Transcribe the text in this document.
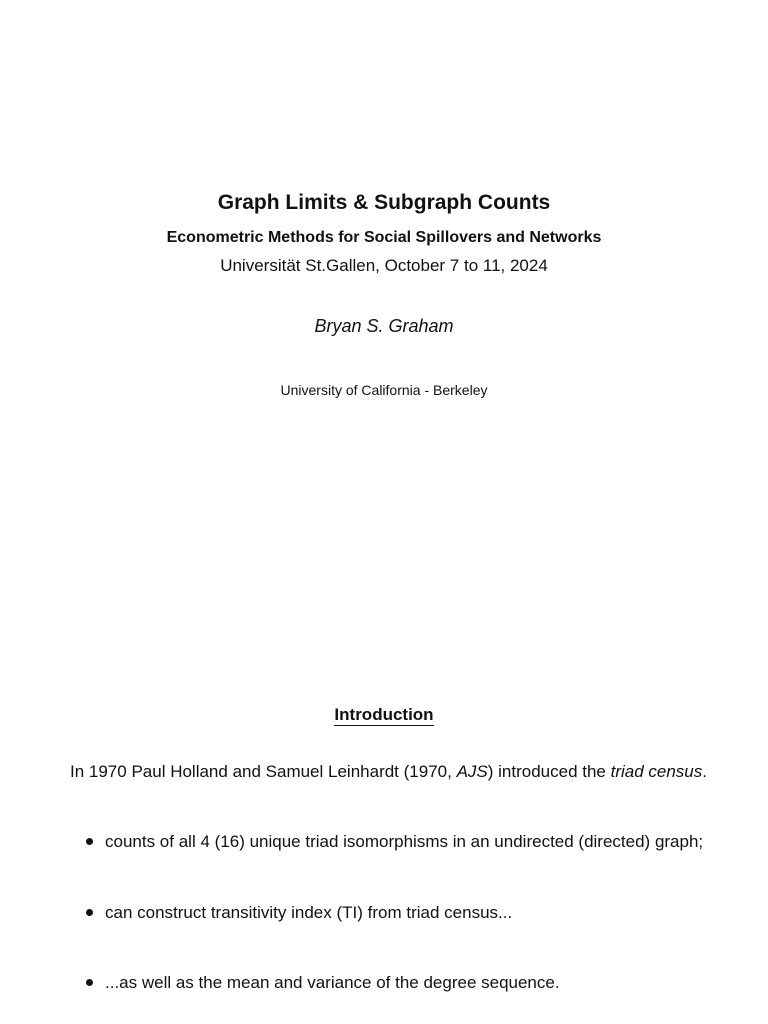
Graph Limits & Subgraph Counts
Econometric Methods for Social Spillovers and Networks
Universität St.Gallen, October 7 to 11, 2024
Bryan S. Graham
University of California - Berkeley
Introduction
In 1970 Paul Holland and Samuel Leinhardt (1970, AJS) introduced the triad census.
counts of all 4 (16) unique triad isomorphisms in an undirected (directed) graph;
can construct transitivity index (TI) from triad census...
...as well as the mean and variance of the degree sequence.
